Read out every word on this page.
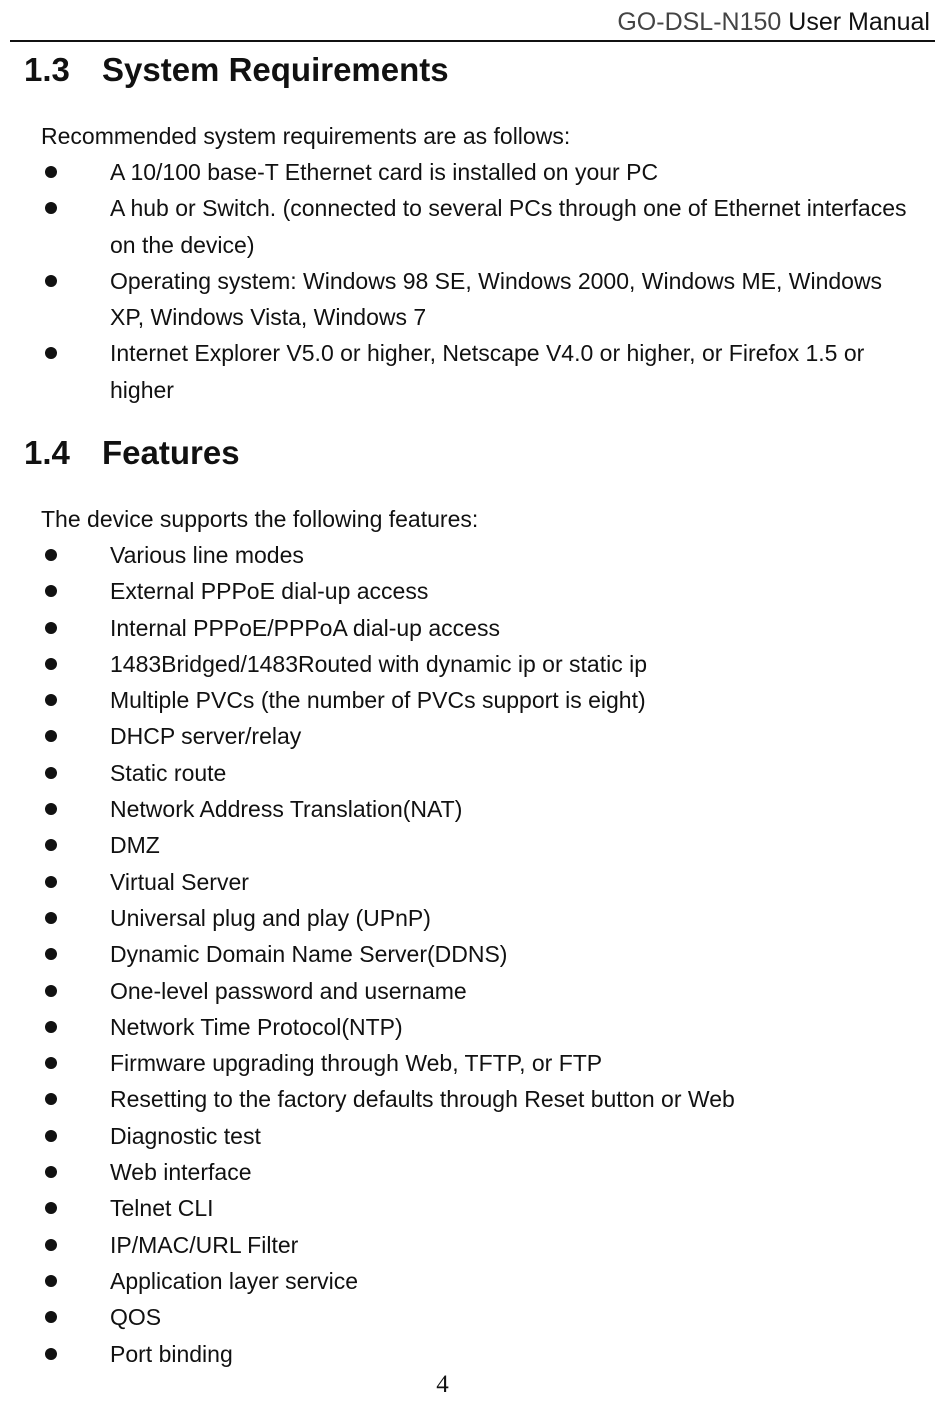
GO-DSL-N150 User Manual
1.3 System Requirements

Recommended system requirements are as follows:

A 10/100 base-T Ethernet card is installed on your PC
A hub or Switch. (connected to several PCs through one of Ethernet interfaces on the device)
Operating system: Windows 98 SE, Windows 2000, Windows ME, Windows XP, Windows Vista, Windows 7
Internet Explorer V5.0 or higher, Netscape V4.0 or higher, or Firefox 1.5 or higher
1.4 Features

The device supports the following features:

Various line modes
External PPPoE dial-up access
Internal PPPoE/PPPoA dial-up access
1483Bridged/1483Routed with dynamic ip or static ip
Multiple PVCs (the number of PVCs support is eight)
DHCP server/relay
Static route
Network Address Translation(NAT)
DMZ
Virtual Server
Universal plug and play (UPnP)
Dynamic Domain Name Server(DDNS)
One-level password and username
Network Time Protocol(NTP)
Firmware upgrading through Web, TFTP, or FTP
Resetting to the factory defaults through Reset button or Web
Diagnostic test
Web interface
Telnet CLI
IP/MAC/URL Filter
Application layer service
QOS
Port binding
4
